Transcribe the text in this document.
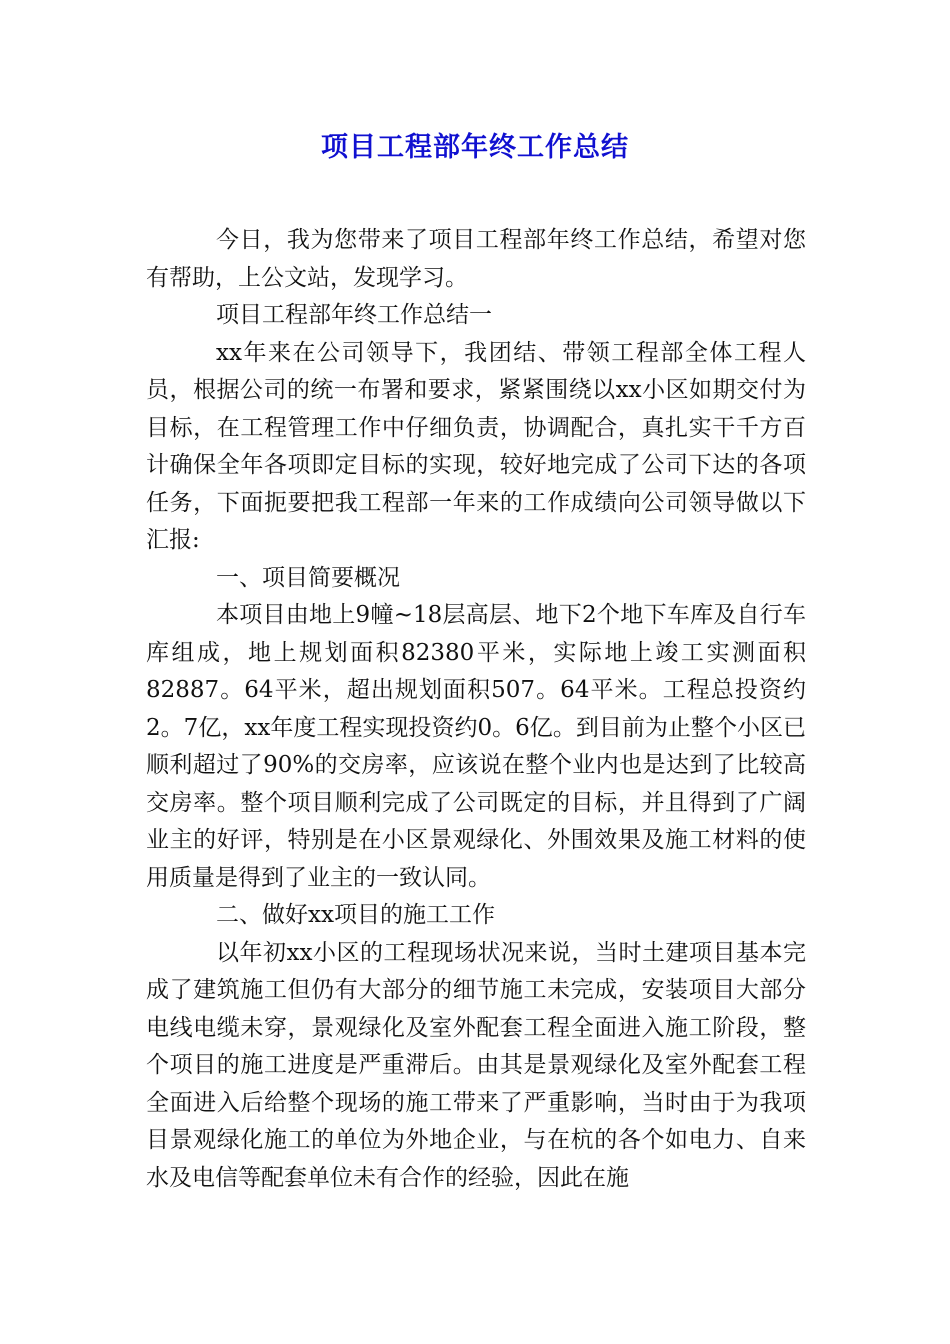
项目工程部年终工作总结

今日，我为您带来了项目工程部年终工作总结，希望对您有帮助，上公文站，发现学习。

项目工程部年终工作总结一

xx年来在公司领导下，我团结、带领工程部全体工程人员，根据公司的统一布署和要求，紧紧围绕以xx小区如期交付为目标，在工程管理工作中仔细负责，协调配合，真扎实干千方百计确保全年各项即定目标的实现，较好地完成了公司下达的各项任务，下面扼要把我工程部一年来的工作成绩向公司领导做以下汇报:

一、项目简要概况

本项目由地上9幢~18层高层、地下2个地下车库及自行车库组成，地上规划面积82380平米，实际地上竣工实测面积82887。64平米，超出规划面积507。64平米。工程总投资约2。7亿，xx年度工程实现投资约0。6亿。到目前为止整个小区已顺利超过了90%的交房率，应该说在整个业内也是达到了比较高交房率。整个项目顺利完成了公司既定的目标，并且得到了广阔业主的好评，特别是在小区景观绿化、外围效果及施工材料的使用质量是得到了业主的一致认同。

二、做好xx项目的施工工作

以年初xx小区的工程现场状况来说，当时土建项目基本完成了建筑施工但仍有大部分的细节施工未完成，安装项目大部分电线电缆未穿，景观绿化及室外配套工程全面进入施工阶段，整个项目的施工进度是严重滞后。由其是景观绿化及室外配套工程全面进入后给整个现场的施工带来了严重影响，当时由于为我项目景观绿化施工的单位为外地企业，与在杭的各个如电力、自来水及电信等配套单位未有合作的经验，因此在施
